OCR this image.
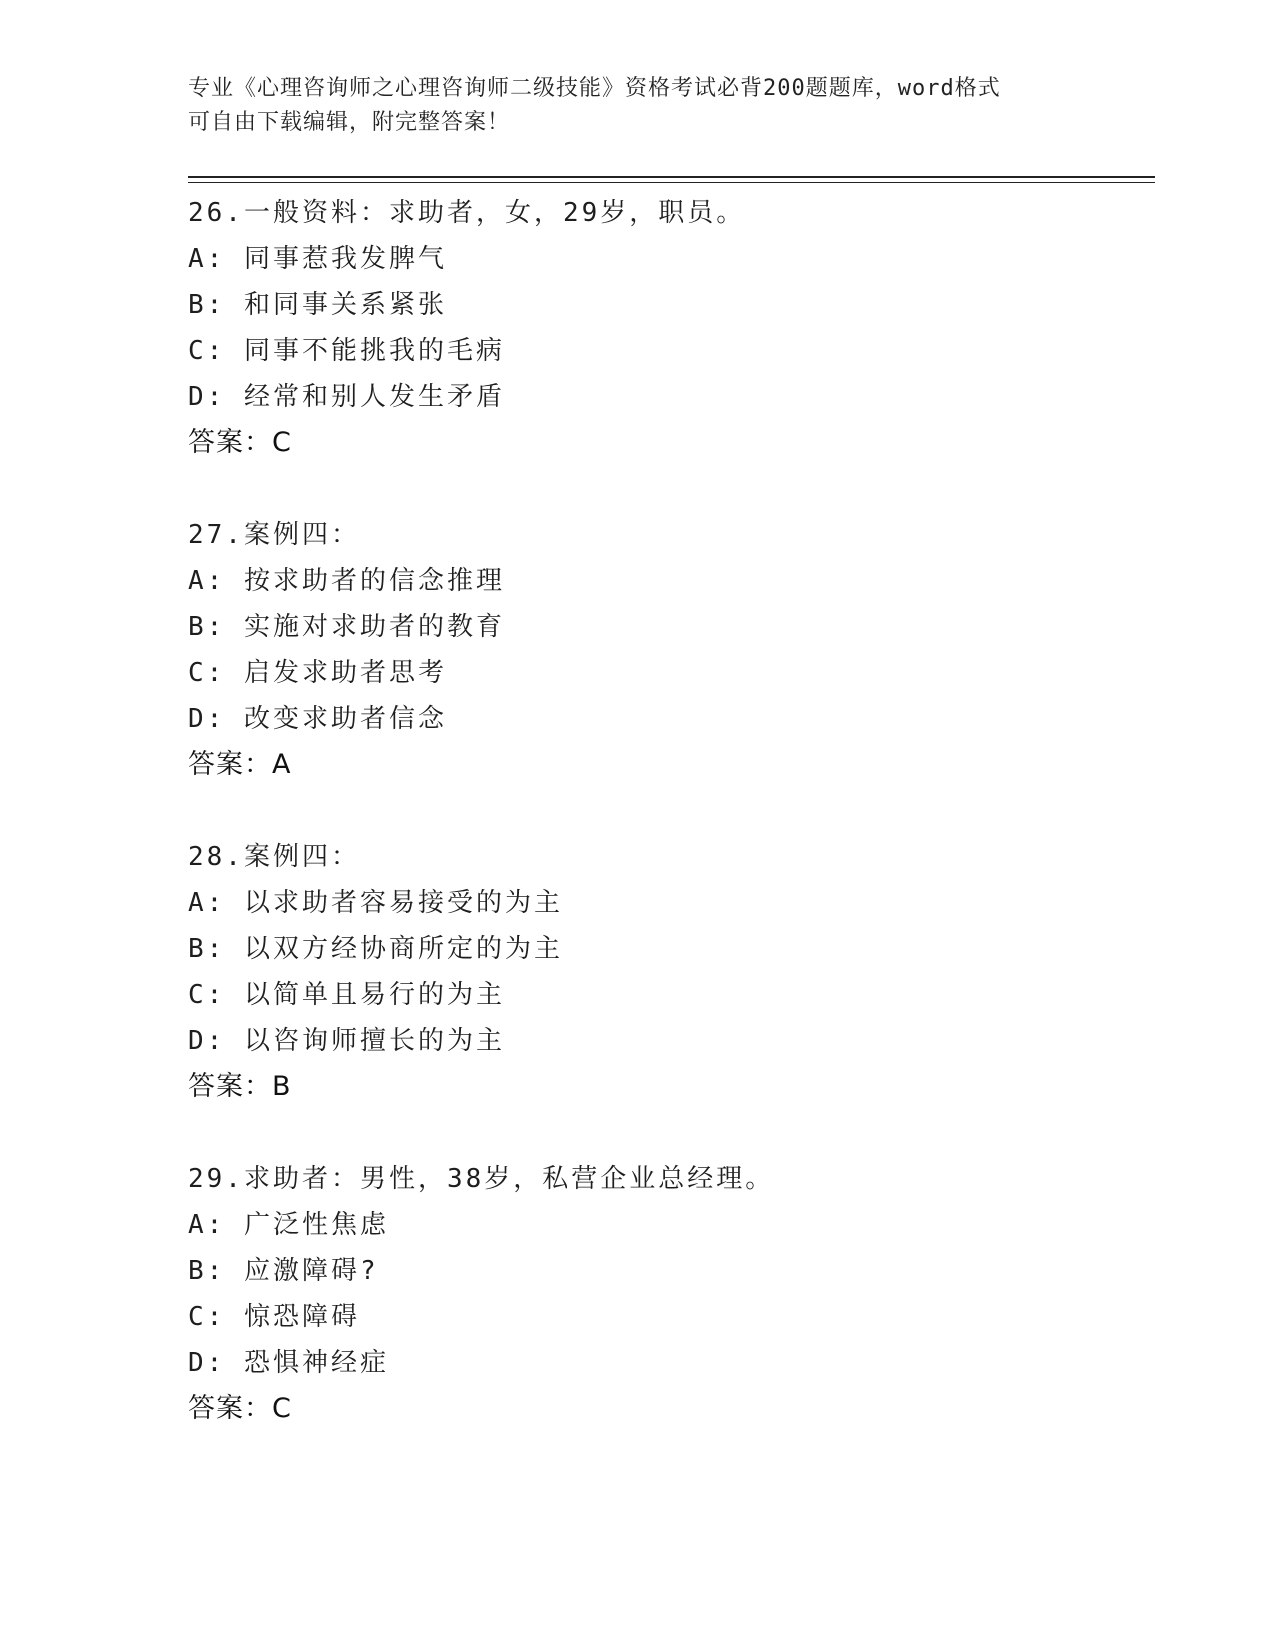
专业《心理咨询师之心理咨询师二级技能》资格考试必背200题题库，word格式
可自由下载编辑，附完整答案！
26.一般资料：求助者，女，29岁，职员。
A: 同事惹我发脾气
B: 和同事关系紧张
C: 同事不能挑我的毛病
D: 经常和别人发生矛盾
答案：C
27.案例四：
A: 按求助者的信念推理
B: 实施对求助者的教育
C: 启发求助者思考
D: 改变求助者信念
答案：A
28.案例四：
A: 以求助者容易接受的为主
B: 以双方经协商所定的为主
C: 以简单且易行的为主
D: 以咨询师擅长的为主
答案：B
29.求助者：男性，38岁，私营企业总经理。
A: 广泛性焦虑
B: 应激障碍?
C: 惊恐障碍
D: 恐惧神经症
答案：C
